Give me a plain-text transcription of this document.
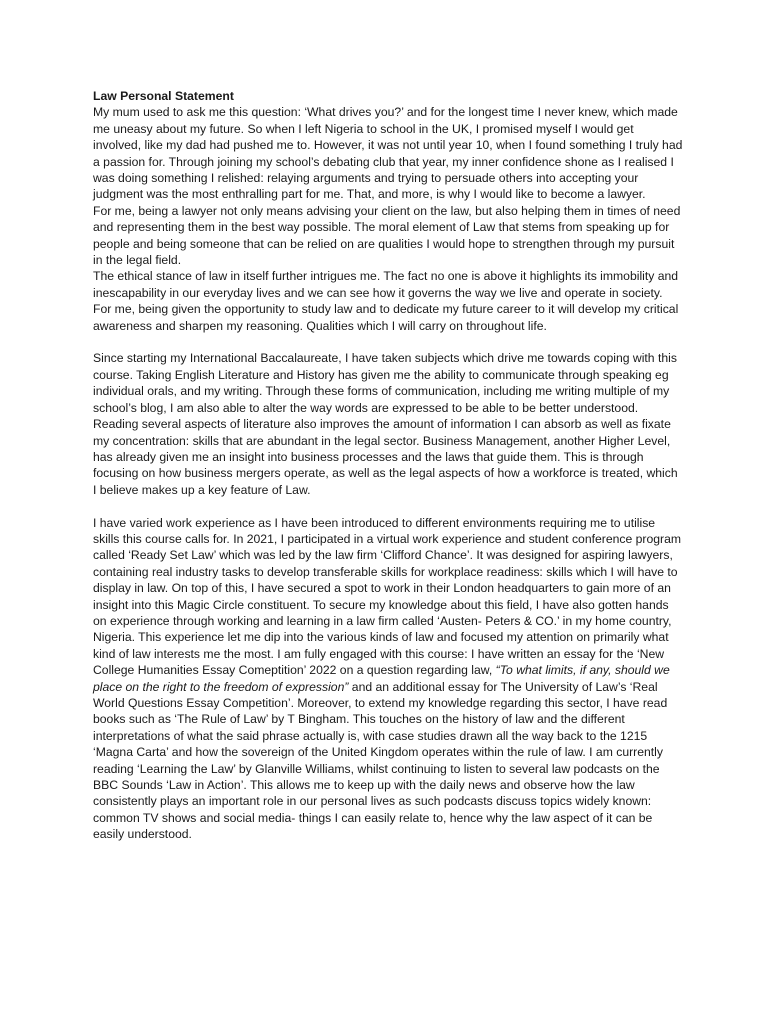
Law Personal Statement

My mum used to ask me this question: ‘What drives you?’ and for the longest time I never knew, which made me uneasy about my future. So when I left Nigeria to school in the UK, I promised myself I would get involved, like my dad had pushed me to. However, it was not until year 10, when I found something I truly had a passion for. Through joining my school’s debating club that year, my inner confidence shone as I realised I was doing something I relished: relaying arguments and trying to persuade others into accepting your judgment was the most enthralling part for me. That, and more, is why I would like to become a lawyer.

For me, being a lawyer not only means advising your client on the law, but also helping them in times of need and representing them in the best way possible. The moral element of Law that stems from speaking up for people and being someone that can be relied on are qualities I would hope to strengthen through my pursuit in the legal field.

The ethical stance of law in itself further intrigues me. The fact no one is above it highlights its immobility and inescapability in our everyday lives and we can see how it governs the way we live and operate in society. For me, being given the opportunity to study law and to dedicate my future career to it will develop my critical awareness and sharpen my reasoning. Qualities which I will carry on throughout life.

Since starting my International Baccalaureate, I have taken subjects which drive me towards coping with this course. Taking English Literature and History has given me the ability to communicate through speaking eg individual orals, and my writing. Through these forms of communication, including me writing multiple of my school’s blog, I am also able to alter the way words are expressed to be able to be better understood. Reading several aspects of literature also improves the amount of information I can absorb as well as fixate my concentration: skills that are abundant in the legal sector. Business Management, another Higher Level, has already given me an insight into business processes and the laws that guide them. This is through focusing on how business mergers operate, as well as the legal aspects of how a workforce is treated, which I believe makes up a key feature of Law.

I have varied work experience as I have been introduced to different environments requiring me to utilise skills this course calls for. In 2021, I participated in a virtual work experience and student conference program called ‘Ready Set Law’ which was led by the law firm ‘Clifford Chance’. It was designed for aspiring lawyers, containing real industry tasks to develop transferable skills for workplace readiness: skills which I will have to display in law. On top of this, I have secured a spot to work in their London headquarters to gain more of an insight into this Magic Circle constituent. To secure my knowledge about this field, I have also gotten hands on experience through working and learning in a law firm called ‘Austen- Peters & CO.’ in my home country, Nigeria. This experience let me dip into the various kinds of law and focused my attention on primarily what kind of law interests me the most. I am fully engaged with this course: I have written an essay for the ‘New College Humanities Essay Comeptition’ 2022 on a question regarding law, “To what limits, if any, should we place on the right to the freedom of expression” and an additional essay for The University of Law’s ‘Real World Questions Essay Competition’. Moreover, to extend my knowledge regarding this sector, I have read books such as ‘The Rule of Law’ by T Bingham. This touches on the history of law and the different interpretations of what the said phrase actually is, with case studies drawn all the way back to the 1215 ‘Magna Carta’ and how the sovereign of the United Kingdom operates within the rule of law. I am currently reading ‘Learning the Law’ by Glanville Williams, whilst continuing to listen to several law podcasts on the BBC Sounds ‘Law in Action’. This allows me to keep up with the daily news and observe how the law consistently plays an important role in our personal lives as such podcasts discuss topics widely known: common TV shows and social media- things I can easily relate to, hence why the law aspect of it can be easily understood.
